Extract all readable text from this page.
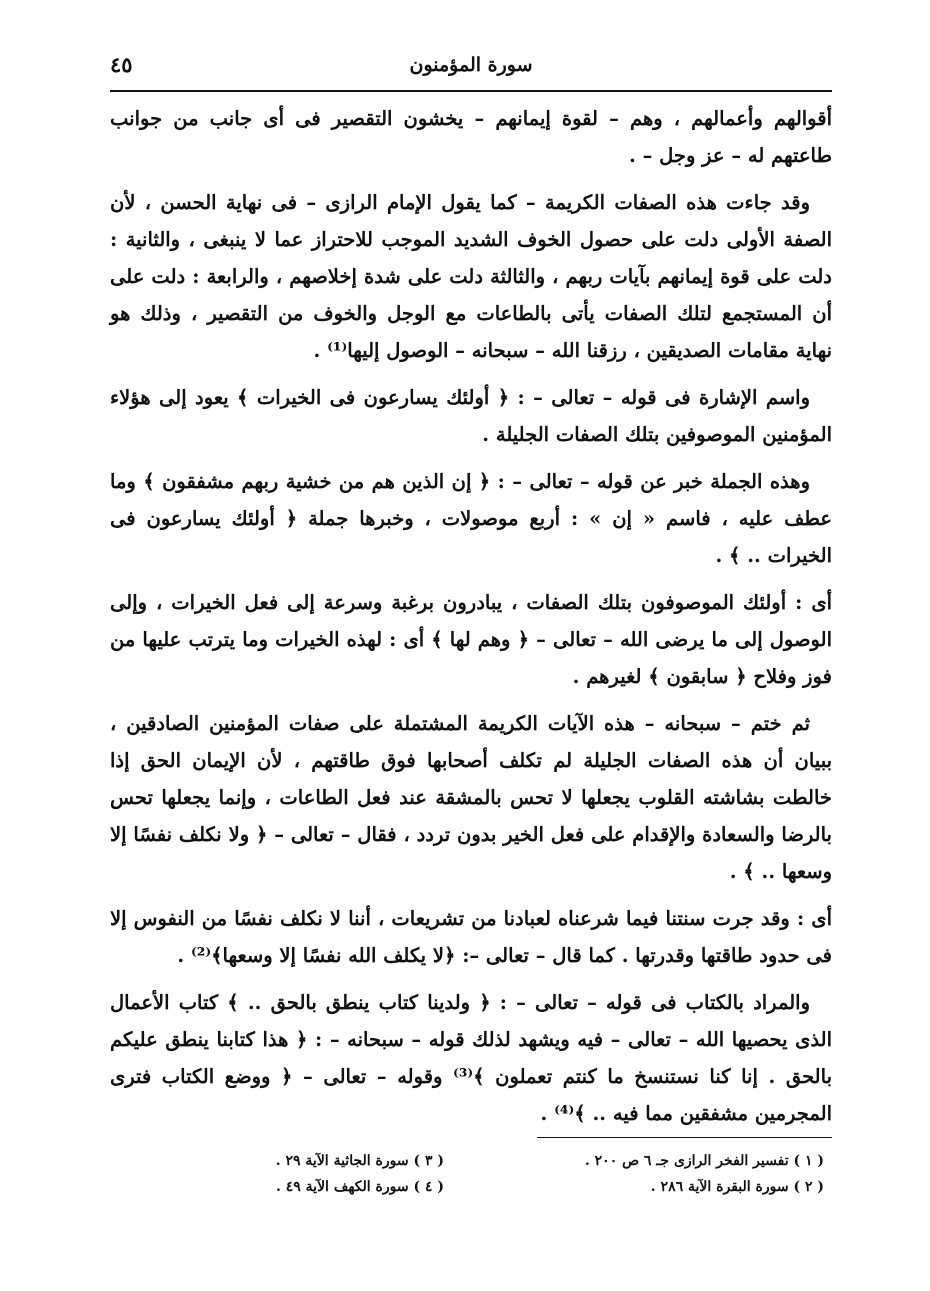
سورة المؤمنون
٤٥

أقوالهم وأعمالهم ، وهم – لقوة إيمانهم – يخشون التقصير فى أى جانب من جوانب طاعتهم له – عز وجل – .

وقد جاءت هذه الصفات الكريمة – كما يقول الإمام الرازى – فى نهاية الحسن ، لأن الصفة الأولى دلت على حصول الخوف الشديد الموجب للاحتراز عما لا ينبغى ، والثانية : دلت على قوة إيمانهم بآيات ربهم ، والثالثة دلت على شدة إخلاصهم ، والرابعة : دلت على أن المستجمع لتلك الصفات يأتى بالطاعات مع الوجل والخوف من التقصير ، وذلك هو نهاية مقامات الصديقين ، رزقنا الله – سبحانه – الوصول إليها⁽¹⁾ .

واسم الإشارة فى قوله – تعالى – : ﴿ أولئك يسارعون فى الخيرات ﴾ يعود إلى هؤلاء المؤمنين الموصوفين بتلك الصفات الجليلة .

وهذه الجملة خبر عن قوله – تعالى – : ﴿ إن الذين هم من خشية ربهم مشفقون ﴾ وما عطف عليه ، فاسم « إن » : أربع موصولات ، وخبرها جملة ﴿ أولئك يسارعون فى الخيرات .. ﴾ .

أى : أولئك الموصوفون بتلك الصفات ، يبادرون برغبة وسرعة إلى فعل الخيرات ، وإلى الوصول إلى ما يرضى الله – تعالى – ﴿ وهم لها ﴾ أى : لهذه الخيرات وما يترتب عليها من فوز وفلاح ﴿ سابقون ﴾ لغيرهم .

ثم ختم – سبحانه – هذه الآيات الكريمة المشتملة على صفات المؤمنين الصادقين ، ببيان أن هذه الصفات الجليلة لم تكلف أصحابها فوق طاقتهم ، لأن الإيمان الحق إذا خالطت بشاشته القلوب يجعلها لا تحس بالمشقة عند فعل الطاعات ، وإنما يجعلها تحس بالرضا والسعادة والإقدام على فعل الخير بدون تردد ، فقال – تعالى – ﴿ ولا نكلف نفسًا إلا وسعها .. ﴾ .

أى : وقد جرت سنتنا فيما شرعناه لعبادنا من تشريعات ، أننا لا نكلف نفسًا من النفوس إلا فى حدود طاقتها وقدرتها . كما قال – تعالى –: ﴿لا يكلف الله نفسًا إلا وسعها﴾⁽²⁾ .

والمراد بالكتاب فى قوله – تعالى – : ﴿ ولدينا كتاب ينطق بالحق .. ﴾ كتاب الأعمال الذى يحصيها الله – تعالى – فيه ويشهد لذلك قوله – سبحانه – : ﴿ هذا كتابنا ينطق عليكم بالحق . إنا كنا نستنسخ ما كنتم تعملون ﴾⁽³⁾ وقوله – تعالى – ﴿ ووضع الكتاب فترى المجرمين مشفقين مما فيه .. ﴾⁽⁴⁾ .

( ١ ) تفسير الفخر الرازى جـ ٦ ص ٢٠٠ .
( ٢ ) سورة البقرة الآية ٢٨٦ .
( ٣ ) سورة الجاثية الآية ٢٩ .
( ٤ ) سورة الكهف الآية ٤٩ .
